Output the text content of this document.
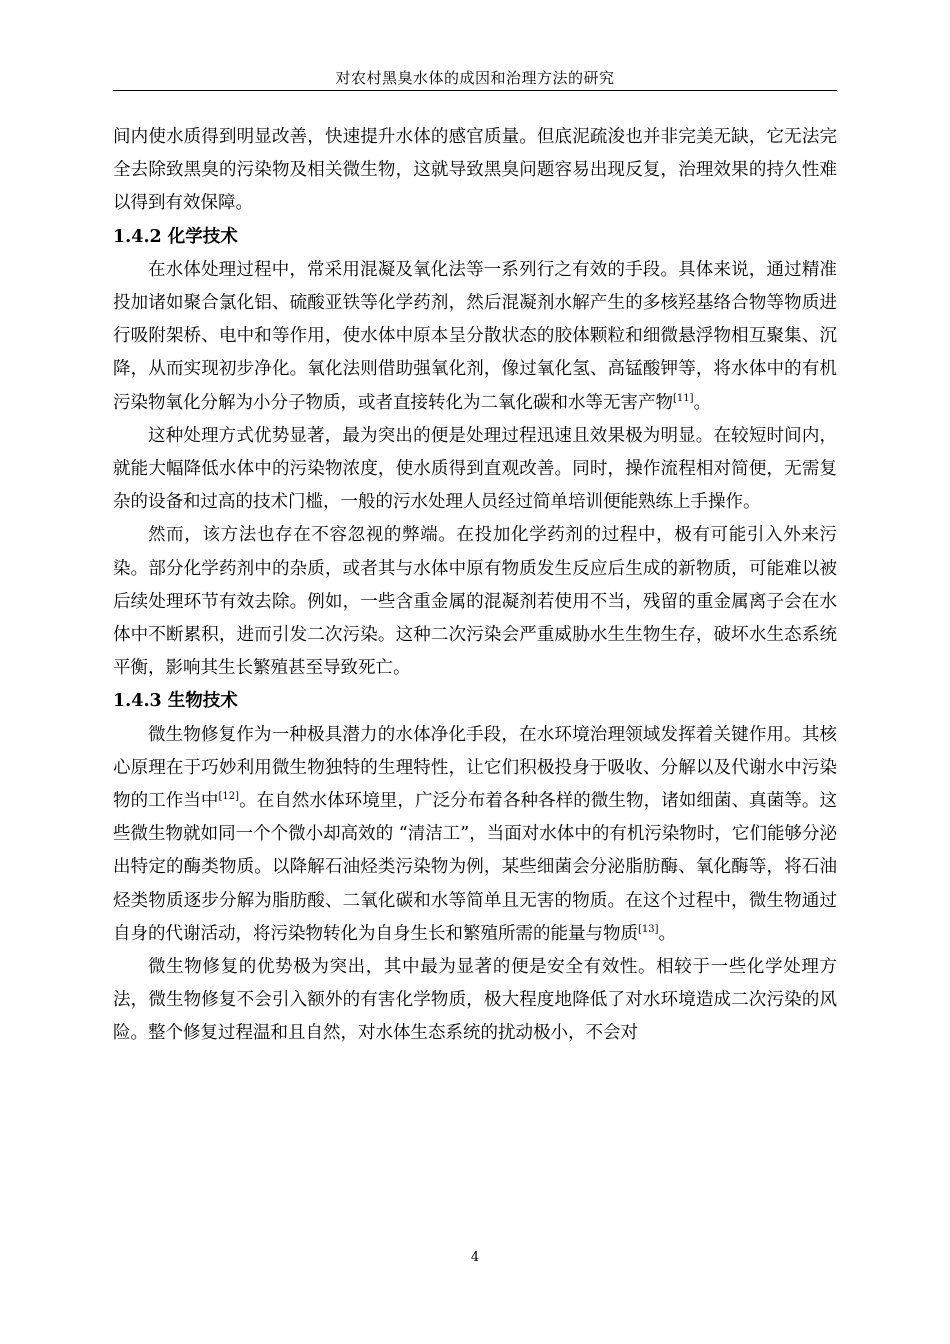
对农村黑臭水体的成因和治理方法的研究

间内使水质得到明显改善，快速提升水体的感官质量。但底泥疏浚也并非完美无缺，它无法完全去除致黑臭的污染物及相关微生物，这就导致黑臭问题容易出现反复，治理效果的持久性难以得到有效保障。

1.4.2 化学技术

在水体处理过程中，常采用混凝及氧化法等一系列行之有效的手段。具体来说，通过精准投加诸如聚合氯化铝、硫酸亚铁等化学药剂，然后混凝剂水解产生的多核羟基络合物等物质进行吸附架桥、电中和等作用，使水体中原本呈分散状态的胶体颗粒和细微悬浮物相互聚集、沉降，从而实现初步净化。氧化法则借助强氧化剂，像过氧化氢、高锰酸钾等，将水体中的有机污染物氧化分解为小分子物质，或者直接转化为二氧化碳和水等无害产物[11]。

这种处理方式优势显著，最为突出的便是处理过程迅速且效果极为明显。在较短时间内，就能大幅降低水体中的污染物浓度，使水质得到直观改善。同时，操作流程相对简便，无需复杂的设备和过高的技术门槛，一般的污水处理人员经过简单培训便能熟练上手操作。

然而，该方法也存在不容忽视的弊端。在投加化学药剂的过程中，极有可能引入外来污染。部分化学药剂中的杂质，或者其与水体中原有物质发生反应后生成的新物质，可能难以被后续处理环节有效去除。例如，一些含重金属的混凝剂若使用不当，残留的重金属离子会在水体中不断累积，进而引发二次污染。这种二次污染会严重威胁水生生物生存，破坏水生态系统平衡，影响其生长繁殖甚至导致死亡。

1.4.3 生物技术

微生物修复作为一种极具潜力的水体净化手段，在水环境治理领域发挥着关键作用。其核心原理在于巧妙利用微生物独特的生理特性，让它们积极投身于吸收、分解以及代谢水中污染物的工作当中[12]。在自然水体环境里，广泛分布着各种各样的微生物，诸如细菌、真菌等。这些微生物就如同一个个微小却高效的 “清洁工”，当面对水体中的有机污染物时，它们能够分泌出特定的酶类物质。以降解石油烃类污染物为例，某些细菌会分泌脂肪酶、氧化酶等，将石油烃类物质逐步分解为脂肪酸、二氧化碳和水等简单且无害的物质。在这个过程中，微生物通过自身的代谢活动，将污染物转化为自身生长和繁殖所需的能量与物质[13]。

微生物修复的优势极为突出，其中最为显著的便是安全有效性。相较于一些化学处理方法，微生物修复不会引入额外的有害化学物质，极大程度地降低了对水环境造成二次污染的风险。整个修复过程温和且自然，对水体生态系统的扰动极小，不会对

4
